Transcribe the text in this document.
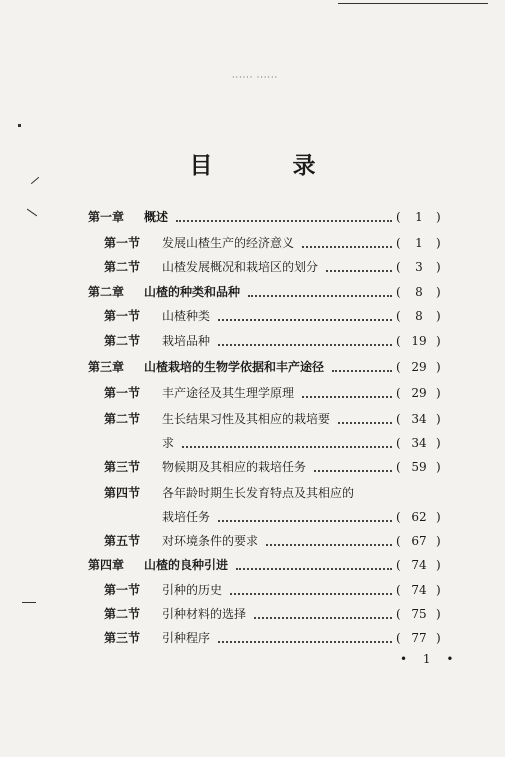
······ ······
目 录
第一章 概述	(	1	)
第一节 发展山楂生产的经济意义	(	1	)
第二节 山楂发展概况和栽培区的划分	(	3	)
第二章 山楂的种类和品种	(	8	)
第一节 山楂种类	(	8	)
第二节 栽培品种	( 19 )
第三章 山楂栽培的生物学依据和丰产途径	( 29 )
第一节 丰产途径及其生理学原理	( 29 )
第二节 生长结果习性及其相应的栽培要	( 34 )
求	( 34 )
第三节 物候期及其相应的栽培任务	( 59 )
第四节 各年龄时期生长发育特点及其相应的
栽培任务	( 62 )
第五节 对环境条件的要求	( 67 )
第四章 山楂的良种引进	( 74 )
第一节 引种的历史	( 74 )
第二节 引种材料的选择	( 75 )
第三节 引种程序	( 77 )
• 1 •
